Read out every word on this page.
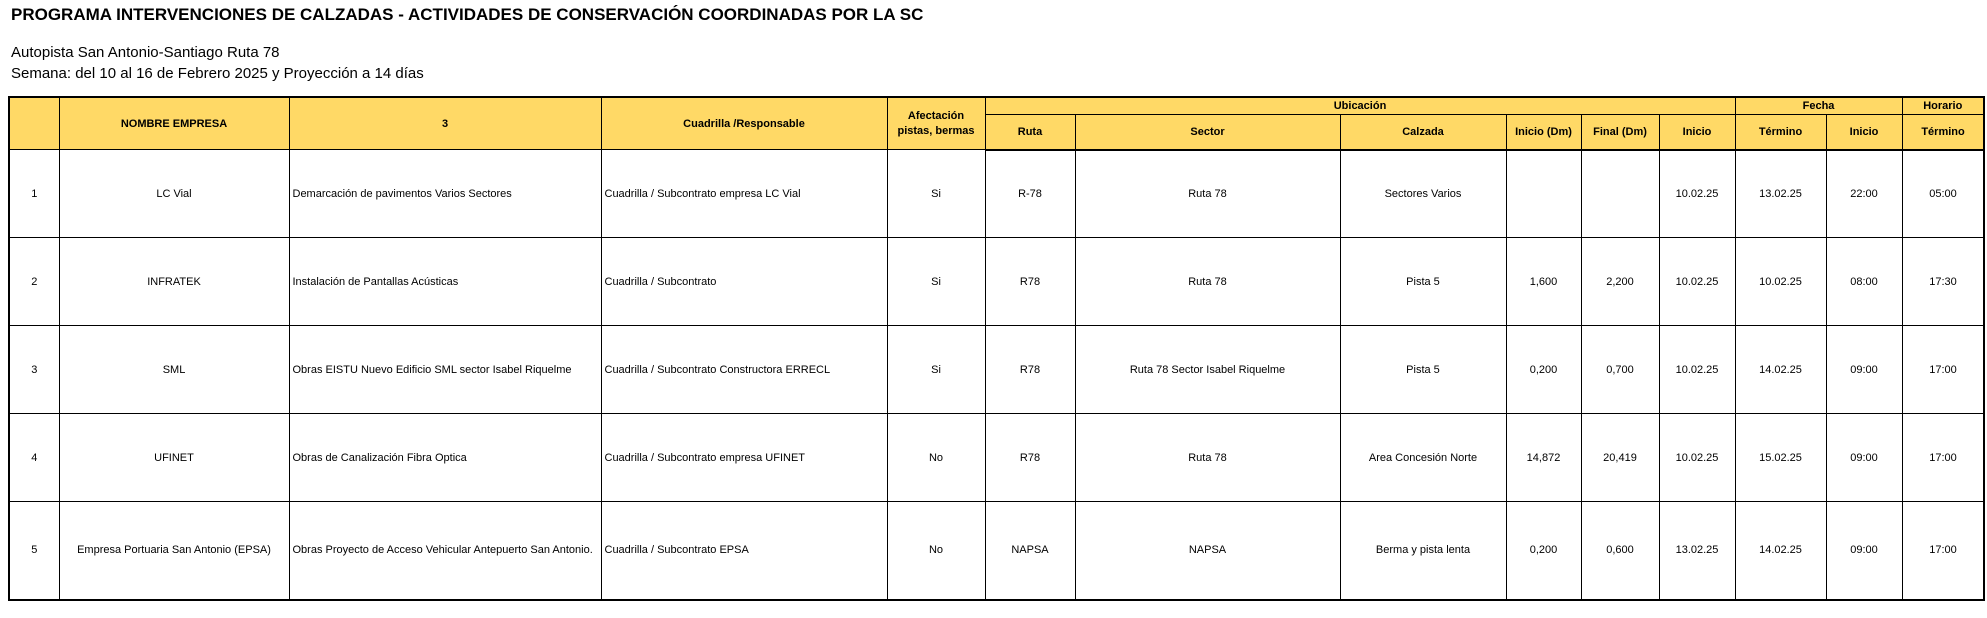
PROGRAMA INTERVENCIONES DE CALZADAS - ACTIVIDADES DE CONSERVACIÓN COORDINADAS POR LA SC
Autopista San Antonio-Santiago Ruta 78
Semana: del 10 al 16 de Febrero 2025 y Proyección a 14 días
	NOMBRE EMPRESA	3	Cuadrilla /Responsable	Afectación pistas, bermas	Ubicación						Fecha		Horario
					Ruta	Sector	Calzada	Inicio (Dm)	Final (Dm)	Inicio	Término	Inicio	Término
1	LC Vial	Demarcación de pavimentos Varios Sectores	Cuadrilla / Subcontrato empresa LC Vial	Si	R-78	Ruta 78	Sectores Varios			10.02.25	13.02.25	22:00	05:00
2	INFRATEK	Instalación de Pantallas Acústicas	Cuadrilla / Subcontrato	Si	R78	Ruta 78	Pista 5	1,600	2,200	10.02.25	10.02.25	08:00	17:30
3	SML	Obras EISTU Nuevo Edificio SML sector Isabel Riquelme	Cuadrilla / Subcontrato Constructora ERRECL	Si	R78	Ruta 78 Sector Isabel Riquelme	Pista 5	0,200	0,700	10.02.25	14.02.25	09:00	17:00
4	UFINET	Obras de Canalización Fibra Optica	Cuadrilla / Subcontrato empresa UFINET	No	R78	Ruta 78	Area Concesión Norte	14,872	20,419	10.02.25	15.02.25	09:00	17:00
5	Empresa Portuaria San Antonio (EPSA)	Obras Proyecto de Acceso Vehicular Antepuerto San Antonio.	Cuadrilla / Subcontrato EPSA	No	NAPSA	NAPSA	Berma y pista lenta	0,200	0,600	13.02.25	14.02.25	09:00	17:00
